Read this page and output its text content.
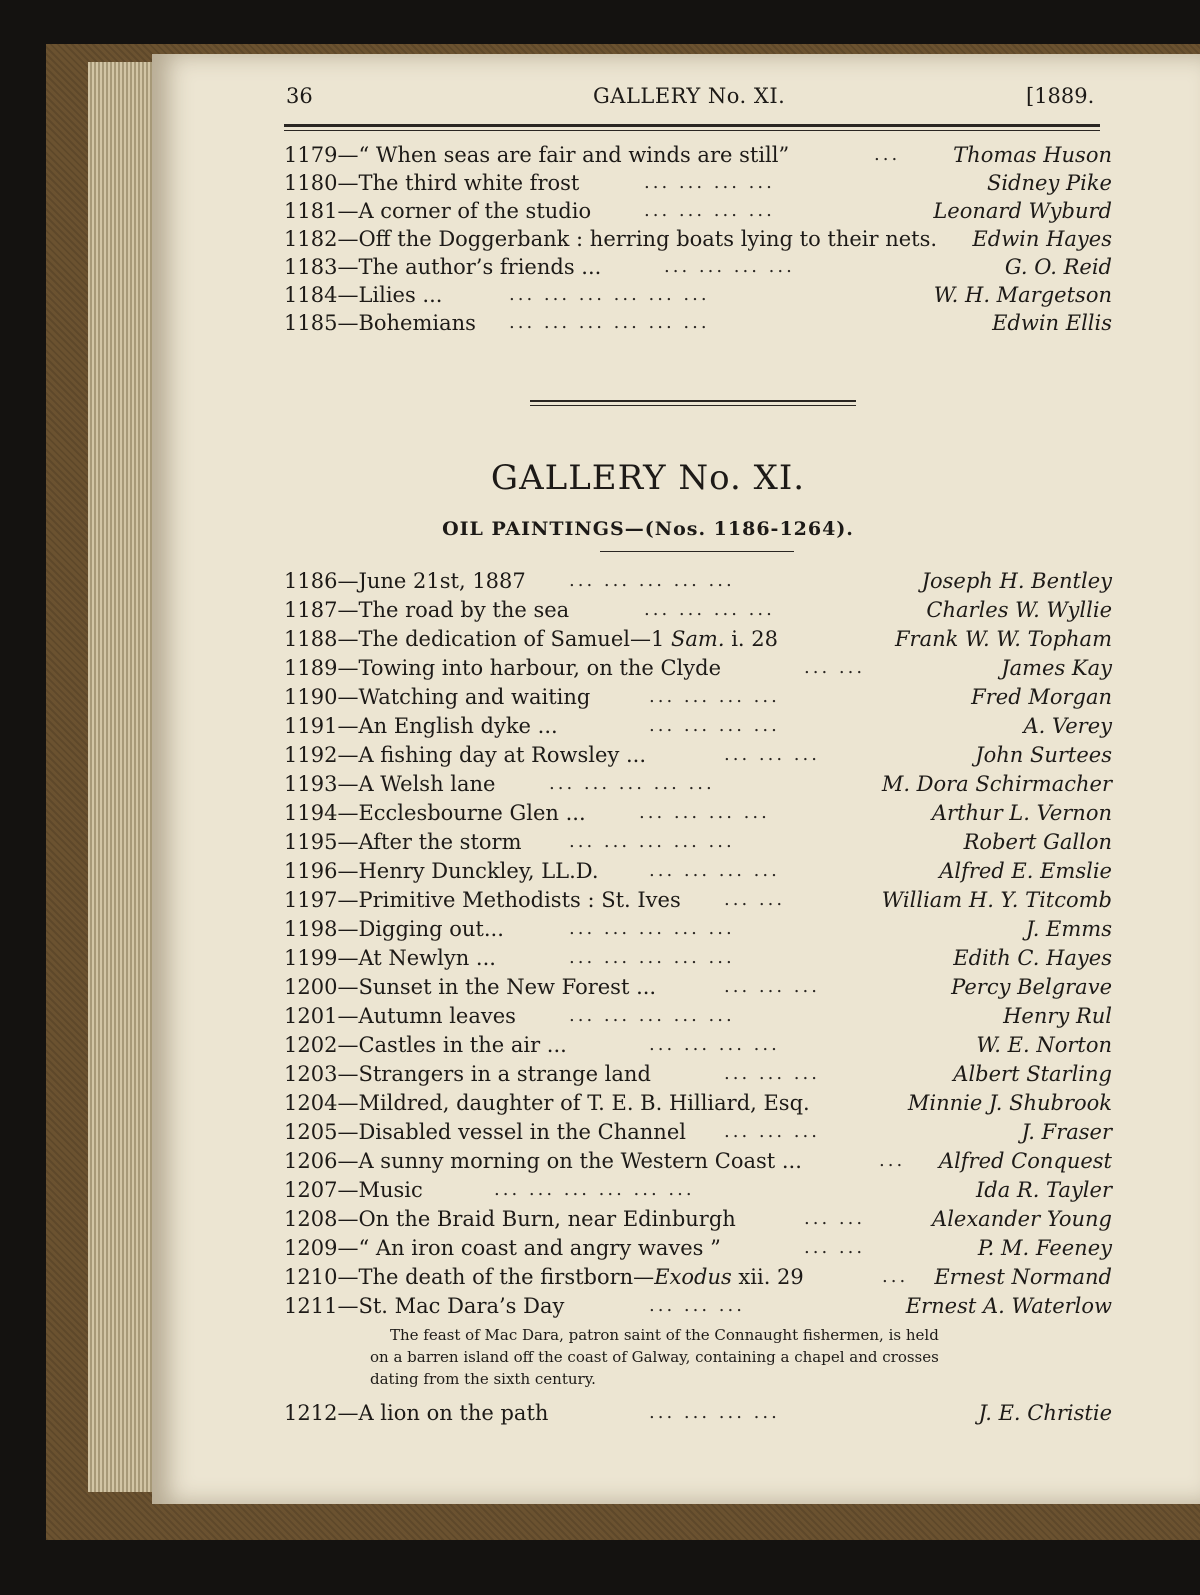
36	GALLERY No. XI.	[1889.
1179—“ When seas are fair and winds are still”	...	Thomas Huson
1180—The third white frost	... ... ... ...	Sidney Pike
1181—A corner of the studio	... ... ... ...	Leonard Wyburd
1182—Off the Doggerbank : herring boats lying to their nets. Edwin Hayes
1183—The author’s friends ...	... ... ... ...	G. O. Reid
1184—Lilies ...	... ... ... ... ... ...	W. H. Margetson
1185—Bohemians ... ... ... ... ... ...	Edwin Ellis
GALLERY No. XI.
OIL PAINTINGS—(Nos. 1186-1264).
1186—June 21st, 1887 ... ... ... ... ...	Joseph H. Bentley
1187—The road by the sea	... ... ... ...	Charles W. Wyllie
1188—The dedication of Samuel—1 Sam. i. 28	Frank W. W. Topham
1189—Towing into harbour, on the Clyde	... ...	James Kay
1190—Watching and waiting	... ... ... ...	Fred Morgan
1191—An English dyke ...	... ... ... ...	A. Verey
1192—A fishing day at Rowsley ...	... ... ...	John Surtees
1193—A Welsh lane	... ... ... ... ...	M. Dora Schirmacher
1194—Ecclesbourne Glen ...	... ... ... ...	Arthur L. Vernon
1195—After the storm	... ... ... ... ...	Robert Gallon
1196—Henry Dunckley, LL.D.	... ... ... ...	Alfred E. Emslie
1197—Primitive Methodists : St. Ives ... ...	William H. Y. Titcomb
1198—Digging out...	... ... ... ... ...	J. Emms
1199—At Newlyn ...	... ... ... ... ...	Edith C. Hayes
1200—Sunset in the New Forest ...	... ... ...	Percy Belgrave
1201—Autumn leaves	... ... ... ... ...	Henry Rul
1202—Castles in the air ...	... ... ... ...	W. E. Norton
1203—Strangers in a strange land	... ... ...	Albert Starling
1204—Mildred, daughter of T. E. B. Hilliard, Esq.	Minnie J. Shubrook
1205—Disabled vessel in the Channel ... ... ...	J. Fraser
1206—A sunny morning on the Western Coast ...	... Alfred Conquest
1207—Music	... ... ... ... ... ...	Ida R. Tayler
1208—On the Braid Burn, near Edinburgh	... ...	Alexander Young
1209—“ An iron coast and angry waves ”	... ...	P. M. Feeney
1210—The death of the firstborn—Exodus xii. 29	... Ernest Normand
1211—St. Mac Dara’s Day	... ... ...	Ernest A. Waterlow
The feast of Mac Dara, patron saint of the Connaught fishermen, is held
on a barren island off the coast of Galway, containing a chapel and crosses
dating from the sixth century.
1212—A lion on the path	... ... ... ...	J. E. Christie
